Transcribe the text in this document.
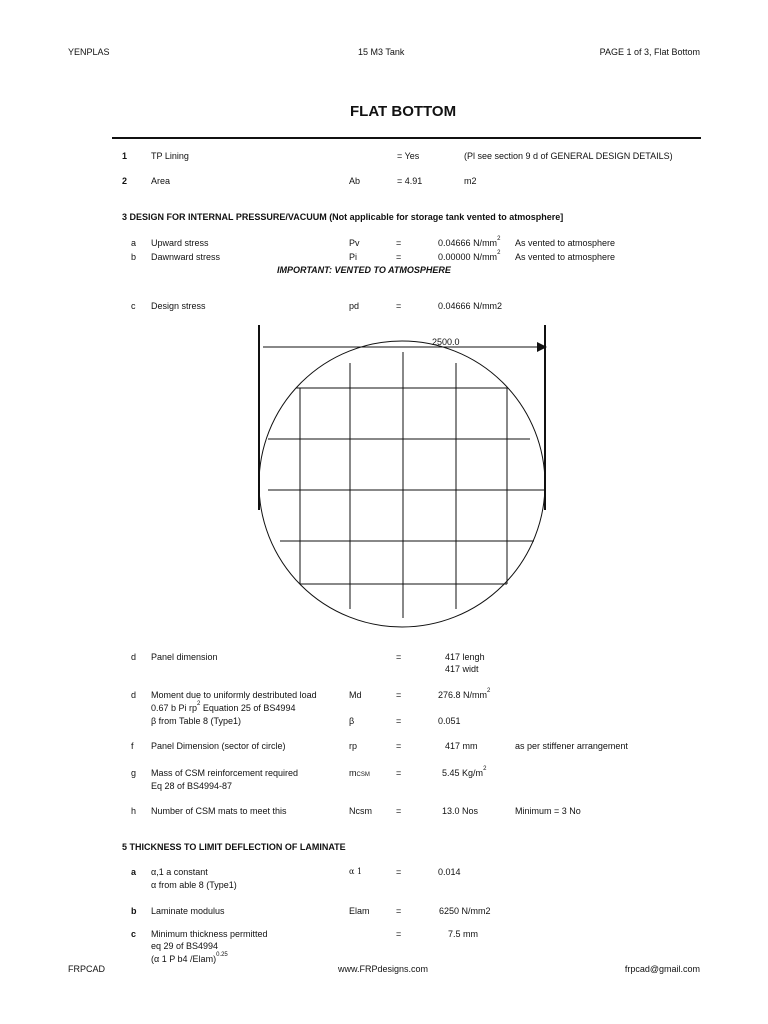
YENPLAS	15 M3 Tank	PAGE 1 of 3, Flat Bottom
FLAT BOTTOM
1	TP Lining	= Yes	(Pl see section 9 d of GENERAL DESIGN DETAILS)
2	Area	Ab	= 4.91	m2
3 DESIGN FOR INTERNAL PRESSURE/VACUUM (Not applicable for storage tank vented to atmosphere]
a Upward stress	Pv	=	0.04666 $N/mm^2$ As vented to atmosphere
b Dawnward stress	Pi	=	0.00000 $N/mm^2$ As vented to atmosphere
IMPORTANT: VENTED TO ATMOSPHERE
c Design stress	pd	=	0.04666 N/mm2
2500.0
d Panel dimension	=	417 lengh
417 widt
d Moment due to uniformly destributed load	Md	=	276.8 $N/mm^2$
0.67 b Pi $rp^2$ Equation 25 of BS4994
β from Table 8 (Type1)	β	=	0.051
f Panel Dimension (sector of circle)	rp	=	417 mm	as per stiffener arrangement
g Mass of CSM reinforcement required
Eq 28 of BS4994-87
mCSM	=	5.45 $Kg/m^2$
h Number of CSM mats to meet this	Ncsm	=	13.0 Nos	Minimum = 3 No
5 THICKNESS TO LIMIT DEFLECTION OF LAMINATE
a α,1 a constant
α from able 8 (Type1)
α 1	=	0.014
b Laminate modulus	Elam	=	6250 N/mm2
c Minimum thickness permitted
eq 29 of BS4994
(α 1 P b4 /Elam)$^{0.25}$
=	7.5 mm
FRPCAD	www.FRPdesigns.com	frpcad@gmail.com
